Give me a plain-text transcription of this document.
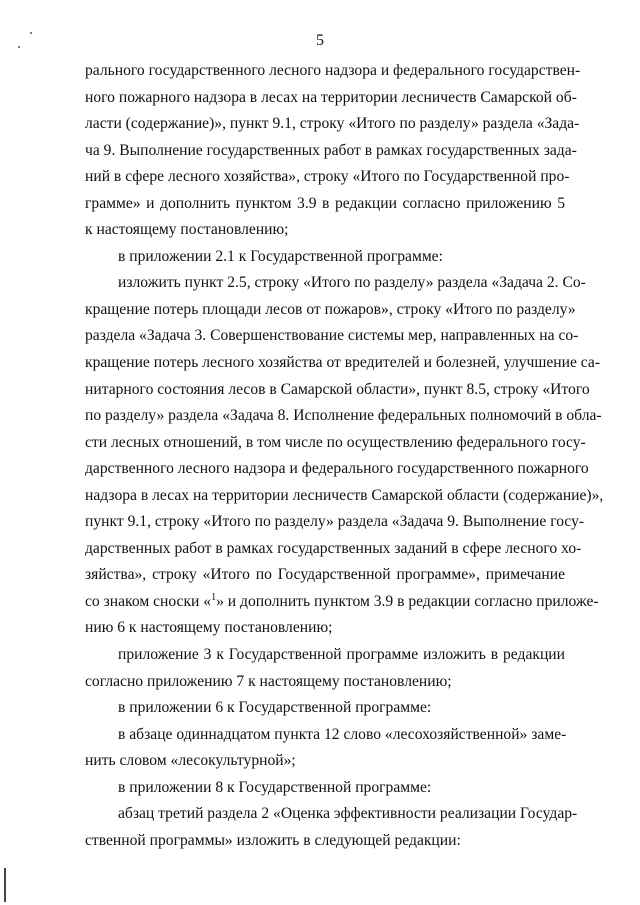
5
рального государственного лесного надзора и федерального государствен-
ного пожарного надзора в лесах на территории лесничеств Самарской об-
ласти (содержание)», пункт 9.1, строку «Итого по разделу» раздела «Зада-
ча 9. Выполнение государственных работ в рамках государственных зада-
ний в сфере лесного хозяйства», строку «Итого по Государственной про-
грамме» и дополнить пунктом 3.9 в редакции согласно приложению 5
к настоящему постановлению;
в приложении 2.1 к Государственной программе:
изложить пункт 2.5, строку «Итого по разделу» раздела «Задача 2. Со-
кращение потерь площади лесов от пожаров», строку «Итого по разделу»
раздела «Задача 3. Совершенствование системы мер, направленных на со-
кращение потерь лесного хозяйства от вредителей и болезней, улучшение са-
нитарного состояния лесов в Самарской области», пункт 8.5, строку «Итого
по разделу» раздела «Задача 8. Исполнение федеральных полномочий в обла-
сти лесных отношений, в том числе по осуществлению федерального госу-
дарственного лесного надзора и федерального государственного пожарного
надзора в лесах на территории лесничеств Самарской области (содержание)»,
пункт 9.1, строку «Итого по разделу» раздела «Задача 9. Выполнение госу-
дарственных работ в рамках государственных заданий в сфере лесного хо-
зяйства», строку «Итого по Государственной программе», примечание
со знаком сноски «$^1$» и дополнить пунктом 3.9 в редакции согласно приложе-
нию 6 к настоящему постановлению;
приложение 3 к Государственной программе изложить в редакции
согласно приложению 7 к настоящему постановлению;
в приложении 6 к Государственной программе:
в абзаце одиннадцатом пункта 12 слово «лесохозяйственной» заме-
нить словом «лесокультурной»;
в приложении 8 к Государственной программе:
абзац третий раздела 2 «Оценка эффективности реализации Государ-
ственной программы» изложить в следующей редакции:
